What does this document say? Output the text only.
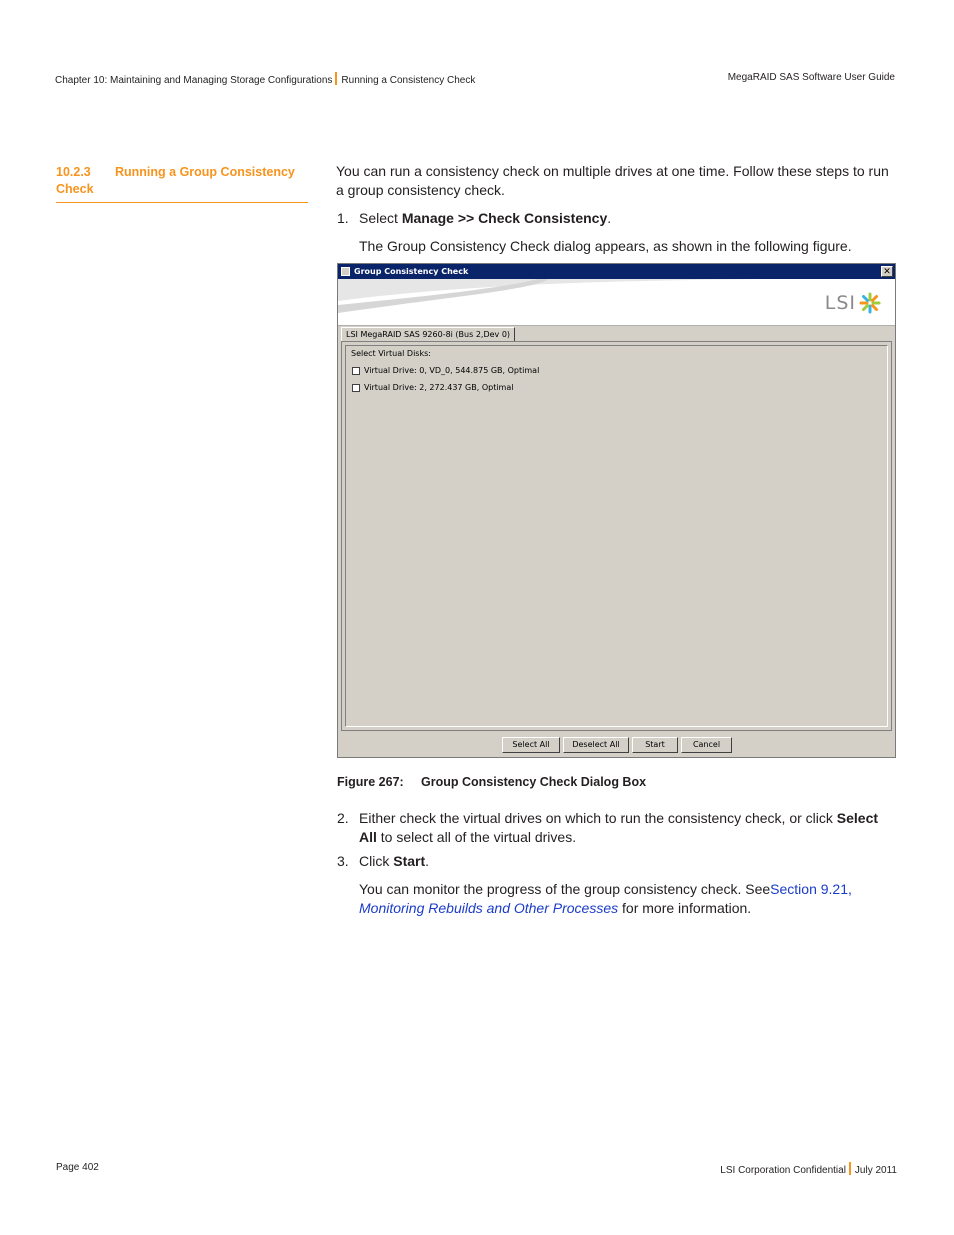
Chapter 10: Maintaining and Managing Storage Configurations Running a Consistency Check	MegaRAID SAS Software User Guide
10.2.3 Running a Group Consistency Check
You can run a consistency check on multiple drives at one time. Follow these steps to run a group consistency check.
1. Select Manage >> Check Consistency.
The Group Consistency Check dialog appears, as shown in the following figure.
Group Consistency Check	✕
LSI
LSI MegaRAID SAS 9260-8i (Bus 2,Dev 0)
Select Virtual Disks:
Virtual Drive: 0, VD_0, 544.875 GB, Optimal
Virtual Drive: 2, 272.437 GB, Optimal
Select All	Deselect All	Start	Cancel
Figure 267: Group Consistency Check Dialog Box
2. Either check the virtual drives on which to run the consistency check, or click Select All to select all of the virtual drives.
3. Click Start.
You can monitor the progress of the group consistency check. SeeSection 9.21,
Monitoring Rebuilds and Other Processes for more information.
Page 402	LSI Corporation Confidential July 2011
